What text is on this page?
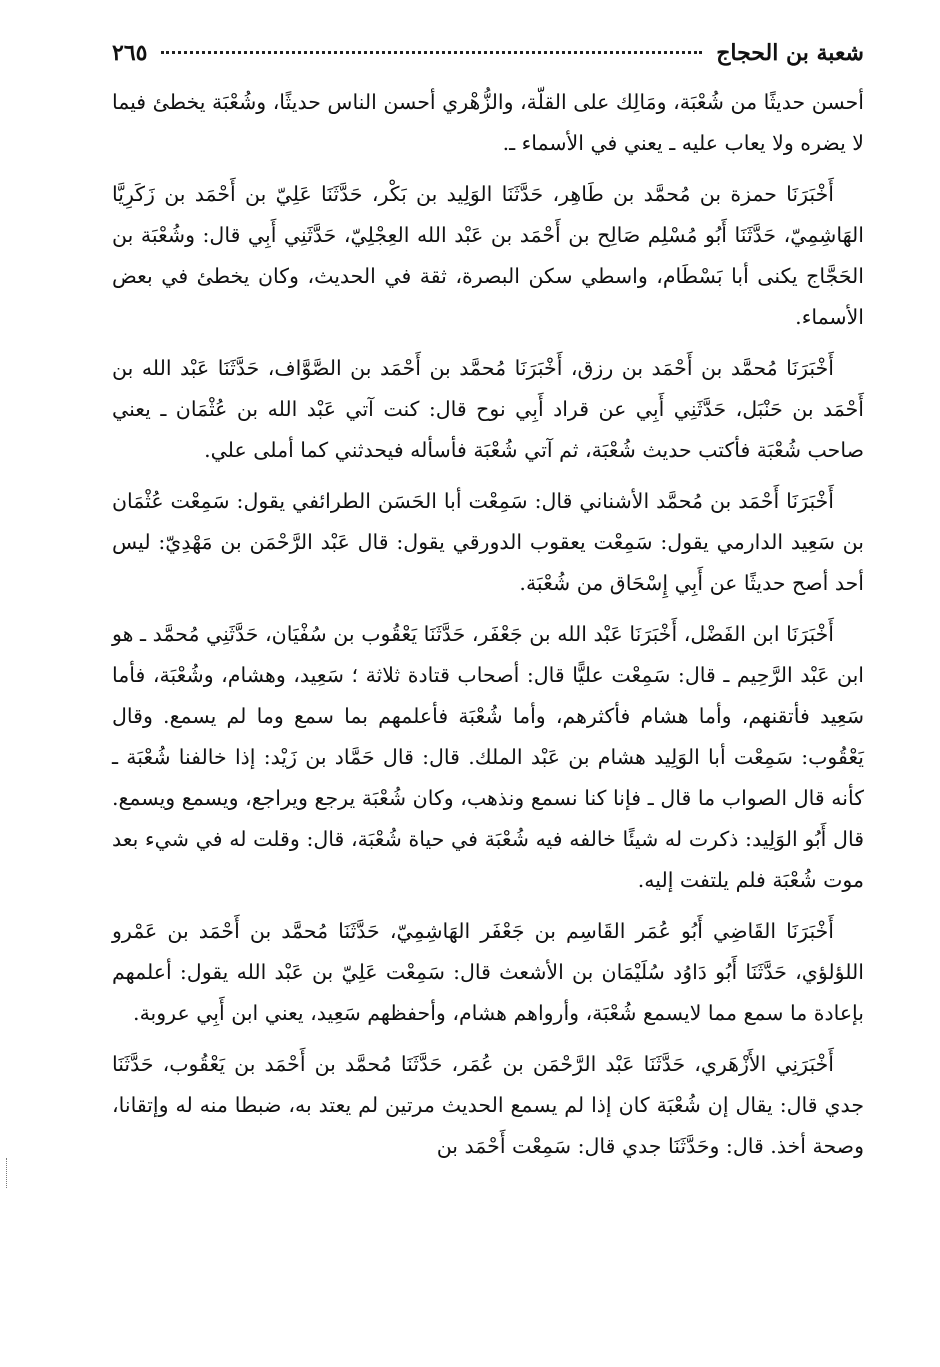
شعبة بن الحجاج
٢٦٥

أحسن حديثًا من شُعْبَة، ومَالِك على القلّة، والزُّهْري أحسن الناس حديثًا، وشُعْبَة يخطئ فيما لا يضره ولا يعاب عليه ـ يعني في الأسماء ـ.

أَخْبَرَنَا حمزة بن مُحمَّد بن طَاهِر، حَدَّثَنَا الوَلِيد بن بَكْر، حَدَّثَنَا عَلِيّ بن أَحْمَد بن زَكَرِيَّا الهَاشِمِيّ، حَدَّثَنَا أَبُو مُسْلِم صَالِح بن أَحْمَد بن عَبْد الله العِجْلِيّ، حَدَّثَنِي أَبِي قال: وشُعْبَة بن الحَجَّاج يكنى أبا بَسْطَام، واسطي سكن البصرة، ثقة في الحديث، وكان يخطئ في بعض الأسماء.

أَخْبَرَنَا مُحمَّد بن أَحْمَد بن رزق، أَخْبَرَنَا مُحمَّد بن أَحْمَد بن الصَّوَّاف، حَدَّثَنَا عَبْد الله بن أَحْمَد بن حَنْبَل، حَدَّثَنِي أَبِي عن قراد أَبِي نوح قال: كنت آتي عَبْد الله بن عُثْمَان ـ يعني صاحب شُعْبَة فأكتب حديث شُعْبَة، ثم آتي شُعْبَة فأسأله فيحدثني كما أملى علي.

أَخْبَرَنَا أَحْمَد بن مُحمَّد الأشناني قال: سَمِعْت أبا الحَسَن الطرائفي يقول: سَمِعْت عُثْمَان بن سَعِيد الدارمي يقول: سَمِعْت يعقوب الدورقي يقول: قال عَبْد الرَّحْمَن بن مَهْدِيّ: ليس أحد أصح حديثًا عن أَبِي إِسْحَاق من شُعْبَة.

أَخْبَرَنَا ابن الفَضْل، أَخْبَرَنَا عَبْد الله بن جَعْفَر، حَدَّثَنَا يَعْقُوب بن سُفْيَان، حَدَّثَنِي مُحمَّد ـ هو ابن عَبْد الرَّحِيم ـ قال: سَمِعْت عليًّا قال: أصحاب قتادة ثلاثة ؛ سَعِيد، وهشام، وشُعْبَة، فأما سَعِيد فأتقنهم، وأما هشام فأكثرهم، وأما شُعْبَة فأعلمهم بما سمع وما لم يسمع. وقال يَعْقُوب: سَمِعْت أبا الوَلِيد هشام بن عَبْد الملك. قال: قال حَمَّاد بن زَيْد: إذا خالفنا شُعْبَة ـ كأنه قال الصواب ما قال ـ فإنا كنا نسمع ونذهب، وكان شُعْبَة يرجع ويراجع، ويسمع ويسمع. قال أَبُو الوَلِيد: ذكرت له شيئًا خالفه فيه شُعْبَة في حياة شُعْبَة، قال: وقلت له في شيء بعد موت شُعْبَة فلم يلتفت إليه.

أَخْبَرَنَا القَاضِي أَبُو عُمَر القَاسِم بن جَعْفَر الهَاشِمِيّ، حَدَّثَنَا مُحمَّد بن أَحْمَد بن عَمْرو اللؤلؤي، حَدَّثَنَا أَبُو دَاوُد سُلَيْمَان بن الأشعث قال: سَمِعْت عَلِيّ بن عَبْد الله يقول: أعلمهم بإعادة ما سمع مما لايسمع شُعْبَة، وأرواهم هشام، وأحفظهم سَعِيد، يعني ابن أَبِي عروبة.

أَخْبَرَنِي الأَزْهَري، حَدَّثَنَا عَبْد الرَّحْمَن بن عُمَر، حَدَّثَنَا مُحمَّد بن أَحْمَد بن يَعْقُوب، حَدَّثَنَا جدي قال: يقال إن شُعْبَة كان إذا لم يسمع الحديث مرتين لم يعتد به، ضبطا منه له وإتقانا، وصحة أخذ. قال: وحَدَّثَنَا جدي قال: سَمِعْت أَحْمَد بن
